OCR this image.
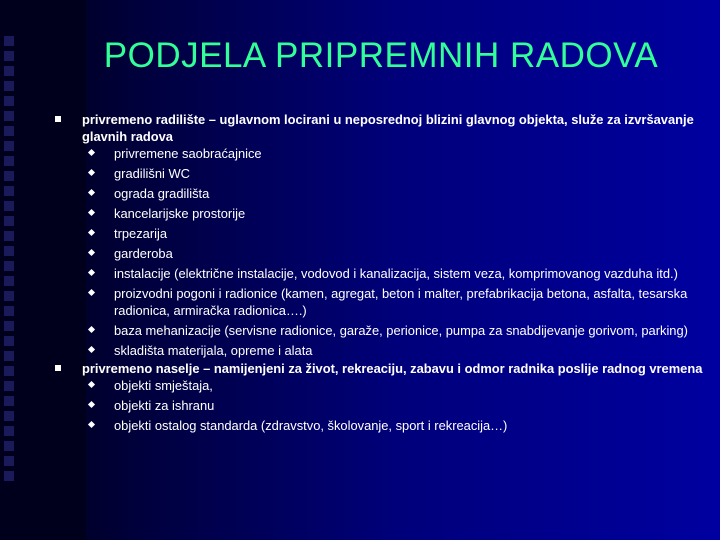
PODJELA PRIPREMNIH RADOVA
privremeno radilište – uglavnom locirani u neposrednoj blizini glavnog objekta, služe za izvršavanje glavnih radova
privremene saobraćajnice
gradilišni WC
ograda gradilišta
kancelarijske prostorije
trpezarija
garderoba
instalacije (električne instalacije, vodovod i kanalizacija, sistem veza, komprimovanog vazduha itd.)
proizvodni pogoni i radionice (kamen, agregat, beton i malter, prefabrikacija betona, asfalta, tesarska radionica, armiračka radionica….)
baza mehanizacije (servisne radionice, garaže, perionice, pumpa za snabdijevanje gorivom, parking)
skladišta materijala, opreme i alata
privremeno naselje – namijenjeni za život, rekreaciju, zabavu i odmor radnika poslije radnog vremena
objekti smještaja,
objekti za ishranu
objekti ostalog standarda (zdravstvo, školovanje, sport i rekreacija…)
